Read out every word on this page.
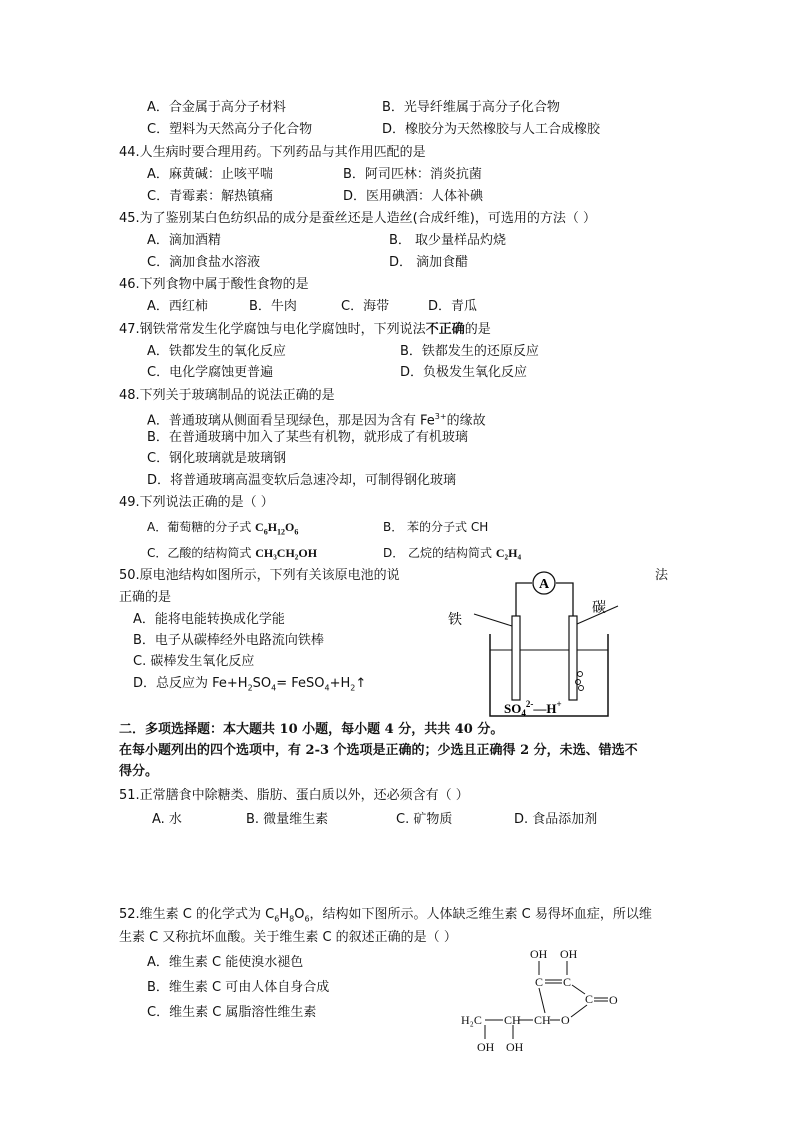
A．合金属于高分子材料	B．光导纤维属于高分子化合物
C．塑料为天然高分子化合物	D．橡胶分为天然橡胶与人工合成橡胶
44.人生病时要合理用药。下列药品与其作用匹配的是
A．麻黄碱：止咳平喘	B．阿司匹林：消炎抗菌
C．青霉素：解热镇痛	D．医用碘酒：人体补碘
45.为了鉴别某白色纺织品的成分是蚕丝还是人造丝(合成纤维)，可选用的方法（ ）
A．滴加酒精	B． 取少量样品灼烧
C．滴加食盐水溶液	D． 滴加食醋
46.下列食物中属于酸性食物的是
A．西红柿	B．牛肉	C．海带	D．青瓜
47.钢铁常常发生化学腐蚀与电化学腐蚀时，下列说法不正确的是
A．铁都发生的氧化反应	B．铁都发生的还原反应
C．电化学腐蚀更普遍	D．负极发生氧化反应
48.下列关于玻璃制品的说法正确的是
A．普通玻璃从侧面看呈现绿色，那是因为含有 $Fe^{3+}$的缘故
B．在普通玻璃中加入了某些有机物，就形成了有机玻璃
C．钢化玻璃就是玻璃钢
D．将普通玻璃高温变软后急速冷却，可制得钢化玻璃
49.下列说法正确的是（ ）
A．葡萄糖的分子式 $C_6H_{12}O_6$	B． 苯的分子式 CH
C．乙酸的结构简式 CH₃CH₂OH	D． 乙烷的结构简式 C₂H₄
50.原电池结构如图所示，下列有关该原电池的说	法
正确的是
A．能将电能转换成化学能
B．电子从碳棒经外电路流向铁棒
C. 碳棒发生氧化反应
D．总反应为 $Fe+H_2SO_4=$ $FeSO_4+H_2↑$
A
铁
碳
$SO_4^{2-}—H^+$
二．多项选择题：本大题共 10 小题，每小题 4 分，共共 40 分。
在每小题列出的四个选项中，有 2-3 个选项是正确的；少选且正确得 2 分，未选、错选不
得分。
51.正常膳食中除糖类、脂肪、蛋白质以外，还必须含有（ ）
A. 水	B. 微量维生素	C. 矿物质	D. 食品添加剂
52.维生素 C 的化学式为 $C_6H_8O_6$，结构如下图所示。人体缺乏维生素 C 易得坏血症，所以维
生素 C 又称抗坏血酸。关于维生素 C 的叙述正确的是（ ）
A．维生素 C 能使溴水褪色
B．维生素 C 可由人体自身合成
C．维生素 C 属脂溶性维生素
OH OH
C C
C O
H₂C CH CH O
OH OH
